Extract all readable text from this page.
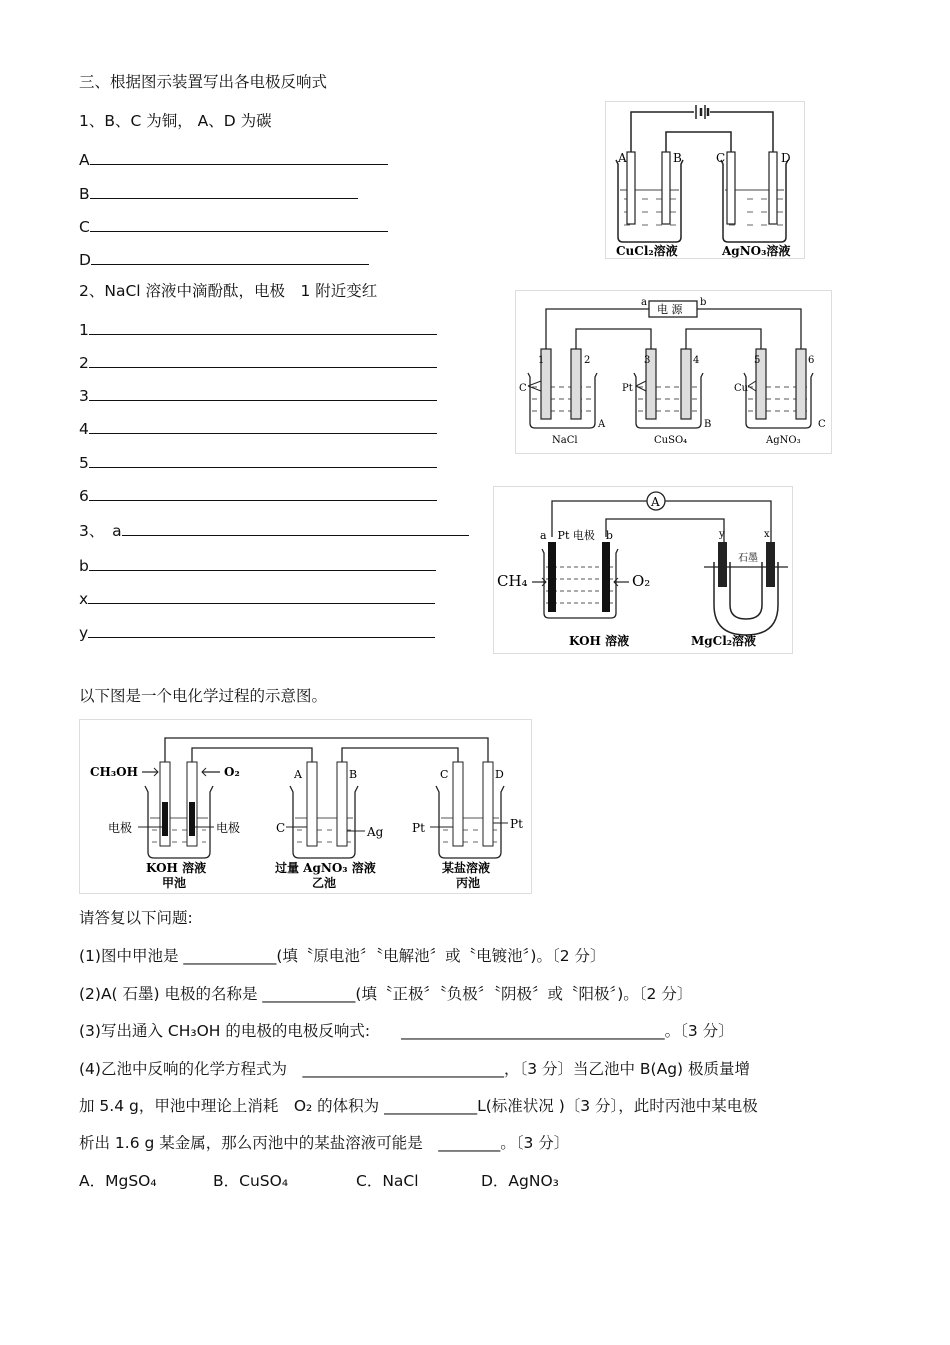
三、根据图示装置写出各电极反响式
1、B、C 为铜， A、D 为碳
A
B
C
D
A	B	C	D
CuCl₂溶液	AgNO₃溶液
2、NaCl 溶液中滴酚酞，电极　1 附近变红
1
2
3
4
5
6
电 源
a	b
1	2	3	4	5	6
C	Pt	Cu
A	B	C
NaCl	CuSO₄	AgNO₃
3、　 a
b
x
y
A
a　Pt 电极　b
CH₄	O₂
KOH 溶液
y	x
石墨
MgCl₂溶液
以下图是一个电化学过程的示意图。
CH₃OH	O₂
电极	电极
A	B
C	Ag
C	D
Pt	Pt
KOH 溶液
甲池
过量 AgNO₃ 溶液
乙池
某盐溶液
丙池
请答复以下问题:
(1)图中甲池是 ____________(填〝原电池〞〝电解池〞或〝电镀池〞)。〔2 分〕
(2)A( 石墨) 电极的名称是 ____________(填〝正极〞〝负极〞〝阴极〞或〝阳极〞)。〔2 分〕
(3)写出通入 CH₃OH 的电极的电极反响式:　　__________________________________。〔3 分〕
(4)乙池中反响的化学方程式为　__________________________，〔3 分〕当乙池中 B(Ag) 极质量增
加 5.4 g，甲池中理论上消耗　O₂ 的体积为 ____________L(标准状况 )〔3 分〕，此时丙池中某电极
析出 1.6 g 某金属，那么丙池中的某盐溶液可能是　________。〔3 分〕
A．MgSO₄	B．CuSO₄	C．NaCl	D．AgNO₃
